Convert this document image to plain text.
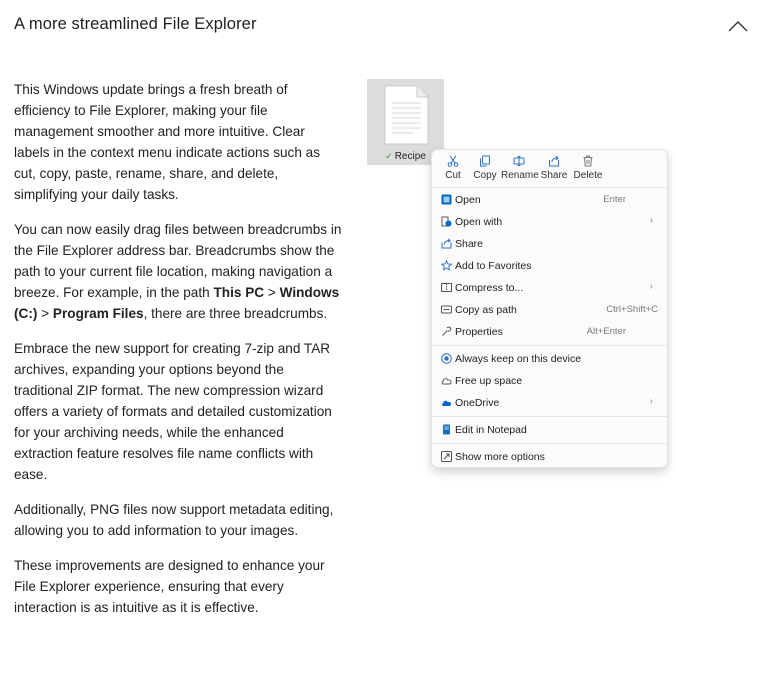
A more streamlined File Explorer

This Windows update brings a fresh breath of efficiency to File Explorer, making your file management smoother and more intuitive. Clear labels in the context menu indicate actions such as cut, copy, paste, rename, share, and delete, simplifying your daily tasks.

You can now easily drag files between breadcrumbs in the File Explorer address bar. Breadcrumbs show the path to your current file location, making navigation a breeze. For example, in the path This PC > Windows (C:) > Program Files, there are three breadcrumbs.

Embrace the new support for creating 7-zip and TAR archives, expanding your options beyond the traditional ZIP format. The new compression wizard offers a variety of formats and detailed customization for your archiving needs, while the enhanced extraction feature resolves file name conflicts with ease.

Additionally, PNG files now support metadata editing, allowing you to add information to your images.

These improvements are designed to enhance your File Explorer experience, ensuring that every interaction is as intuitive as it is effective.

✓ Recipe
Cut	Copy Rename Share Delete
Open	Enter
Open with	›
Share
Add to Favorites
Compress to...	›
Copy as path	Ctrl+Shift+C
Properties	Alt+Enter
Always keep on this device
Free up space
OneDrive	›
Edit in Notepad
Show more options
